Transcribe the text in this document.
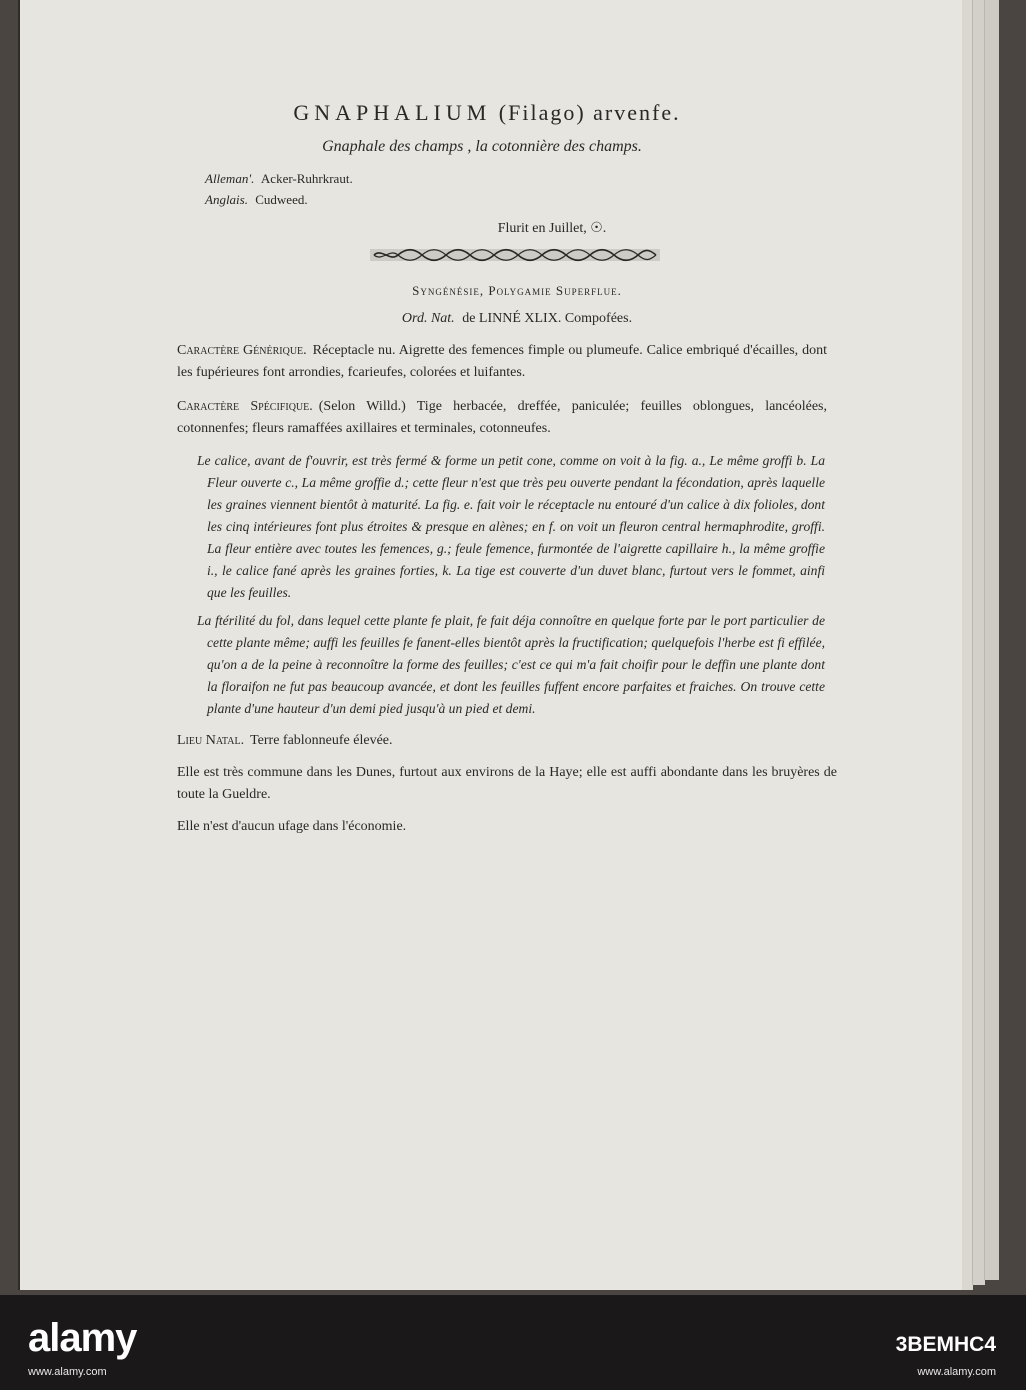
GNAPHALIUM (Filago) arvenfe.
Gnaphale des champs , la cotonnière des champs.
Alleman'. Acker-Ruhrkraut.
Anglais. Cudweed.
Flurit en Juillet, ☉.
Syngénésie, Polygamie Superflue.
Ord. Nat. de LINNÉ XLIX. Compofées.

Caractère Générique. Réceptacle nu. Aigrette des femences fimple ou plumeufe. Calice embriqué d'écailles, dont les fupérieures font arrondies, fcarieufes, colorées et luifantes.

Caractère Spécifique. (Selon Willd.) Tige herbacée, dreffée, paniculée; feuilles oblongues, lancéolées, cotonnenfes; fleurs ramaffées axillaires et terminales, cotonneufes.

Le calice, avant de f'ouvrir, est très fermé & forme un petit cone, comme on voit à la fig. a., Le même groffi b. La Fleur ouverte c., La même groffie d.; cette fleur n'est que très peu ouverte pendant la fécondation, après laquelle les graines viennent bientôt à maturité. La fig. e. fait voir le réceptacle nu entouré d'un calice à dix folioles, dont les cinq intérieures font plus étroites & presque en alènes; en f. on voit un fleuron central hermaphrodite, groffi. La fleur entière avec toutes les femences, g.; feule femence, furmontée de l'aigrette capillaire h., la même groffie i., le calice fané après les graines forties, k. La tige est couverte d'un duvet blanc, furtout vers le fommet, ainfi que les feuilles.

La ftérilité du fol, dans lequel cette plante fe plait, fe fait déja connoître en quelque forte par le port particulier de cette plante même; auffi les feuilles fe fanent-elles bientôt après la fructification; quelquefois l'herbe est fi effilée, qu'on a de la peine à reconnoître la forme des feuilles; c'est ce qui m'a fait choifir pour le deffin une plante dont la floraifon ne fut pas beaucoup avancée, et dont les feuilles fuffent encore parfaites et fraiches. On trouve cette plante d'une hauteur d'un demi pied jusqu'à un pied et demi.

Lieu Natal. Terre fablonneufe élevée.

Elle est très commune dans les Dunes, furtout aux environs de la Haye; elle est auffi abondante dans les bruyères de toute la Gueldre.

Elle n'est d'aucun ufage dans l'économie.

alamy
www.alamy.com
3BEMHC4
www.alamy.com
